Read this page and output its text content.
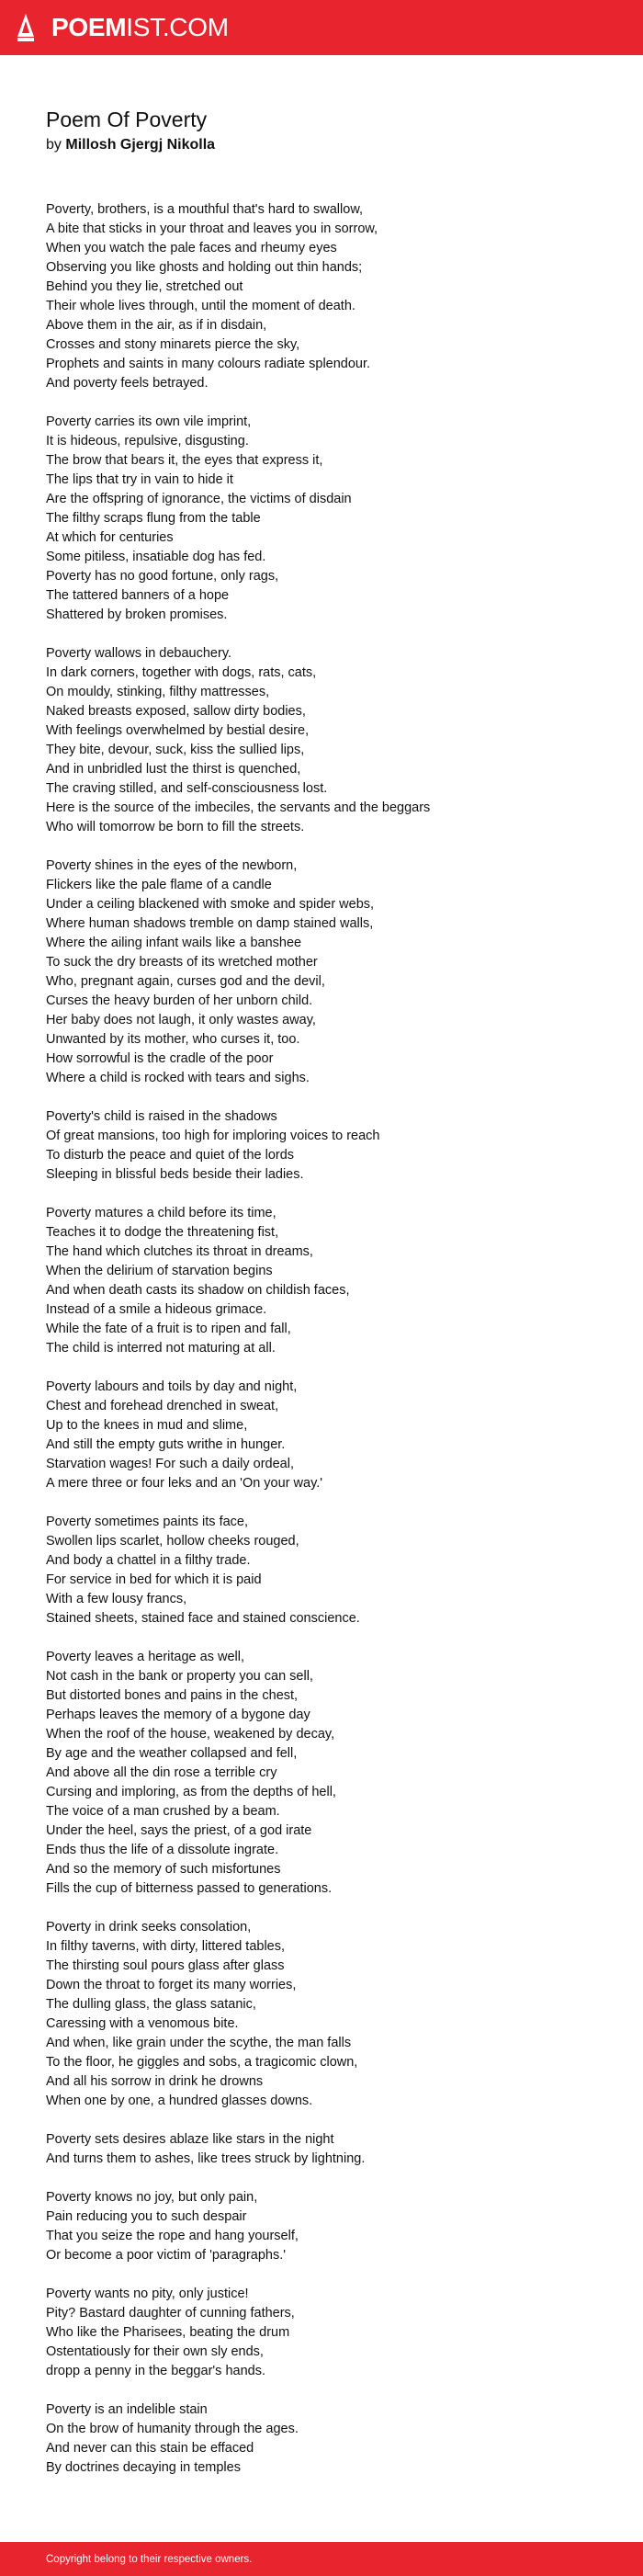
POEMIST.COM
Poem Of Poverty
by Millosh Gjergj Nikolla
Poverty, brothers, is a mouthful that's hard to swallow,
A bite that sticks in your throat and leaves you in sorrow,
When you watch the pale faces and rheumy eyes
Observing you like ghosts and holding out thin hands;
Behind you they lie, stretched out
Their whole lives through, until the moment of death.
Above them in the air, as if in disdain,
Crosses and stony minarets pierce the sky,
Prophets and saints in many colours radiate splendour.
And poverty feels betrayed.
Poverty carries its own vile imprint,
It is hideous, repulsive, disgusting.
The brow that bears it, the eyes that express it,
The lips that try in vain to hide it
Are the offspring of ignorance, the victims of disdain
The filthy scraps flung from the table
At which for centuries
Some pitiless, insatiable dog has fed.
Poverty has no good fortune, only rags,
The tattered banners of a hope
Shattered by broken promises.
Poverty wallows in debauchery.
In dark corners, together with dogs, rats, cats,
On mouldy, stinking, filthy mattresses,
Naked breasts exposed, sallow dirty bodies,
With feelings overwhelmed by bestial desire,
They bite, devour, suck, kiss the sullied lips,
And in unbridled lust the thirst is quenched,
The craving stilled, and self-consciousness lost.
Here is the source of the imbeciles, the servants and the beggars
Who will tomorrow be born to fill the streets.
Poverty shines in the eyes of the newborn,
Flickers like the pale flame of a candle
Under a ceiling blackened with smoke and spider webs,
Where human shadows tremble on damp stained walls,
Where the ailing infant wails like a banshee
To suck the dry breasts of its wretched mother
Who, pregnant again, curses god and the devil,
Curses the heavy burden of her unborn child.
Her baby does not laugh, it only wastes away,
Unwanted by its mother, who curses it, too.
How sorrowful is the cradle of the poor
Where a child is rocked with tears and sighs.
Poverty's child is raised in the shadows
Of great mansions, too high for imploring voices to reach
To disturb the peace and quiet of the lords
Sleeping in blissful beds beside their ladies.
Poverty matures a child before its time,
Teaches it to dodge the threatening fist,
The hand which clutches its throat in dreams,
When the delirium of starvation begins
And when death casts its shadow on childish faces,
Instead of a smile a hideous grimace.
While the fate of a fruit is to ripen and fall,
The child is interred not maturing at all.
Poverty labours and toils by day and night,
Chest and forehead drenched in sweat,
Up to the knees in mud and slime,
And still the empty guts writhe in hunger.
Starvation wages! For such a daily ordeal,
A mere three or four leks and an 'On your way.'
Poverty sometimes paints its face,
Swollen lips scarlet, hollow cheeks rouged,
And body a chattel in a filthy trade.
For service in bed for which it is paid
With a few lousy francs,
Stained sheets, stained face and stained conscience.
Poverty leaves a heritage as well,
Not cash in the bank or property you can sell,
But distorted bones and pains in the chest,
Perhaps leaves the memory of a bygone day
When the roof of the house, weakened by decay,
By age and the weather collapsed and fell,
And above all the din rose a terrible cry
Cursing and imploring, as from the depths of hell,
The voice of a man crushed by a beam.
Under the heel, says the priest, of a god irate
Ends thus the life of a dissolute ingrate.
And so the memory of such misfortunes
Fills the cup of bitterness passed to generations.
Poverty in drink seeks consolation,
In filthy taverns, with dirty, littered tables,
The thirsting soul pours glass after glass
Down the throat to forget its many worries,
The dulling glass, the glass satanic,
Caressing with a venomous bite.
And when, like grain under the scythe, the man falls
To the floor, he giggles and sobs, a tragicomic clown,
And all his sorrow in drink he drowns
When one by one, a hundred glasses downs.
Poverty sets desires ablaze like stars in the night
And turns them to ashes, like trees struck by lightning.
Poverty knows no joy, but only pain,
Pain reducing you to such despair
That you seize the rope and hang yourself,
Or become a poor victim of 'paragraphs.'
Poverty wants no pity, only justice!
Pity? Bastard daughter of cunning fathers,
Who like the Pharisees, beating the drum
Ostentatiously for their own sly ends,
dropp a penny in the beggar's hands.
Poverty is an indelible stain
On the brow of humanity through the ages.
And never can this stain be effaced
By doctrines decaying in temples
Copyright belong to their respective owners.
